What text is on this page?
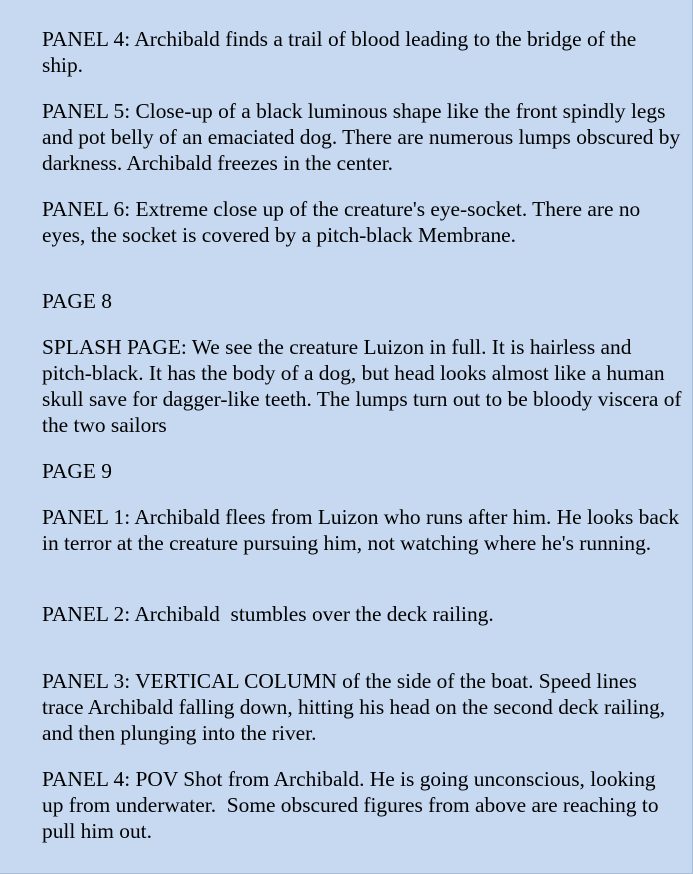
PANEL 4: Archibald finds a trail of blood leading to the bridge of the ship.

PANEL 5: Close-up of a black luminous shape like the front spindly legs and pot belly of an emaciated dog. There are numerous lumps obscured by darkness. Archibald freezes in the center.

PANEL 6: Extreme close up of the creature's eye-socket. There are no eyes, the socket is covered by a pitch-black Membrane.

PAGE 8

SPLASH PAGE: We see the creature Luizon in full. It is hairless and pitch-black. It has the body of a dog, but head looks almost like a human skull save for dagger-like teeth. The lumps turn out to be bloody viscera of the two sailors

PAGE 9

PANEL 1: Archibald flees from Luizon who runs after him. He looks back in terror at the creature pursuing him, not watching where he's running.

PANEL 2: Archibald  stumbles over the deck railing.

PANEL 3: VERTICAL COLUMN of the side of the boat. Speed lines trace Archibald falling down, hitting his head on the second deck railing, and then plunging into the river.

PANEL 4: POV Shot from Archibald. He is going unconscious, looking up from underwater.  Some obscured figures from above are reaching to pull him out.
